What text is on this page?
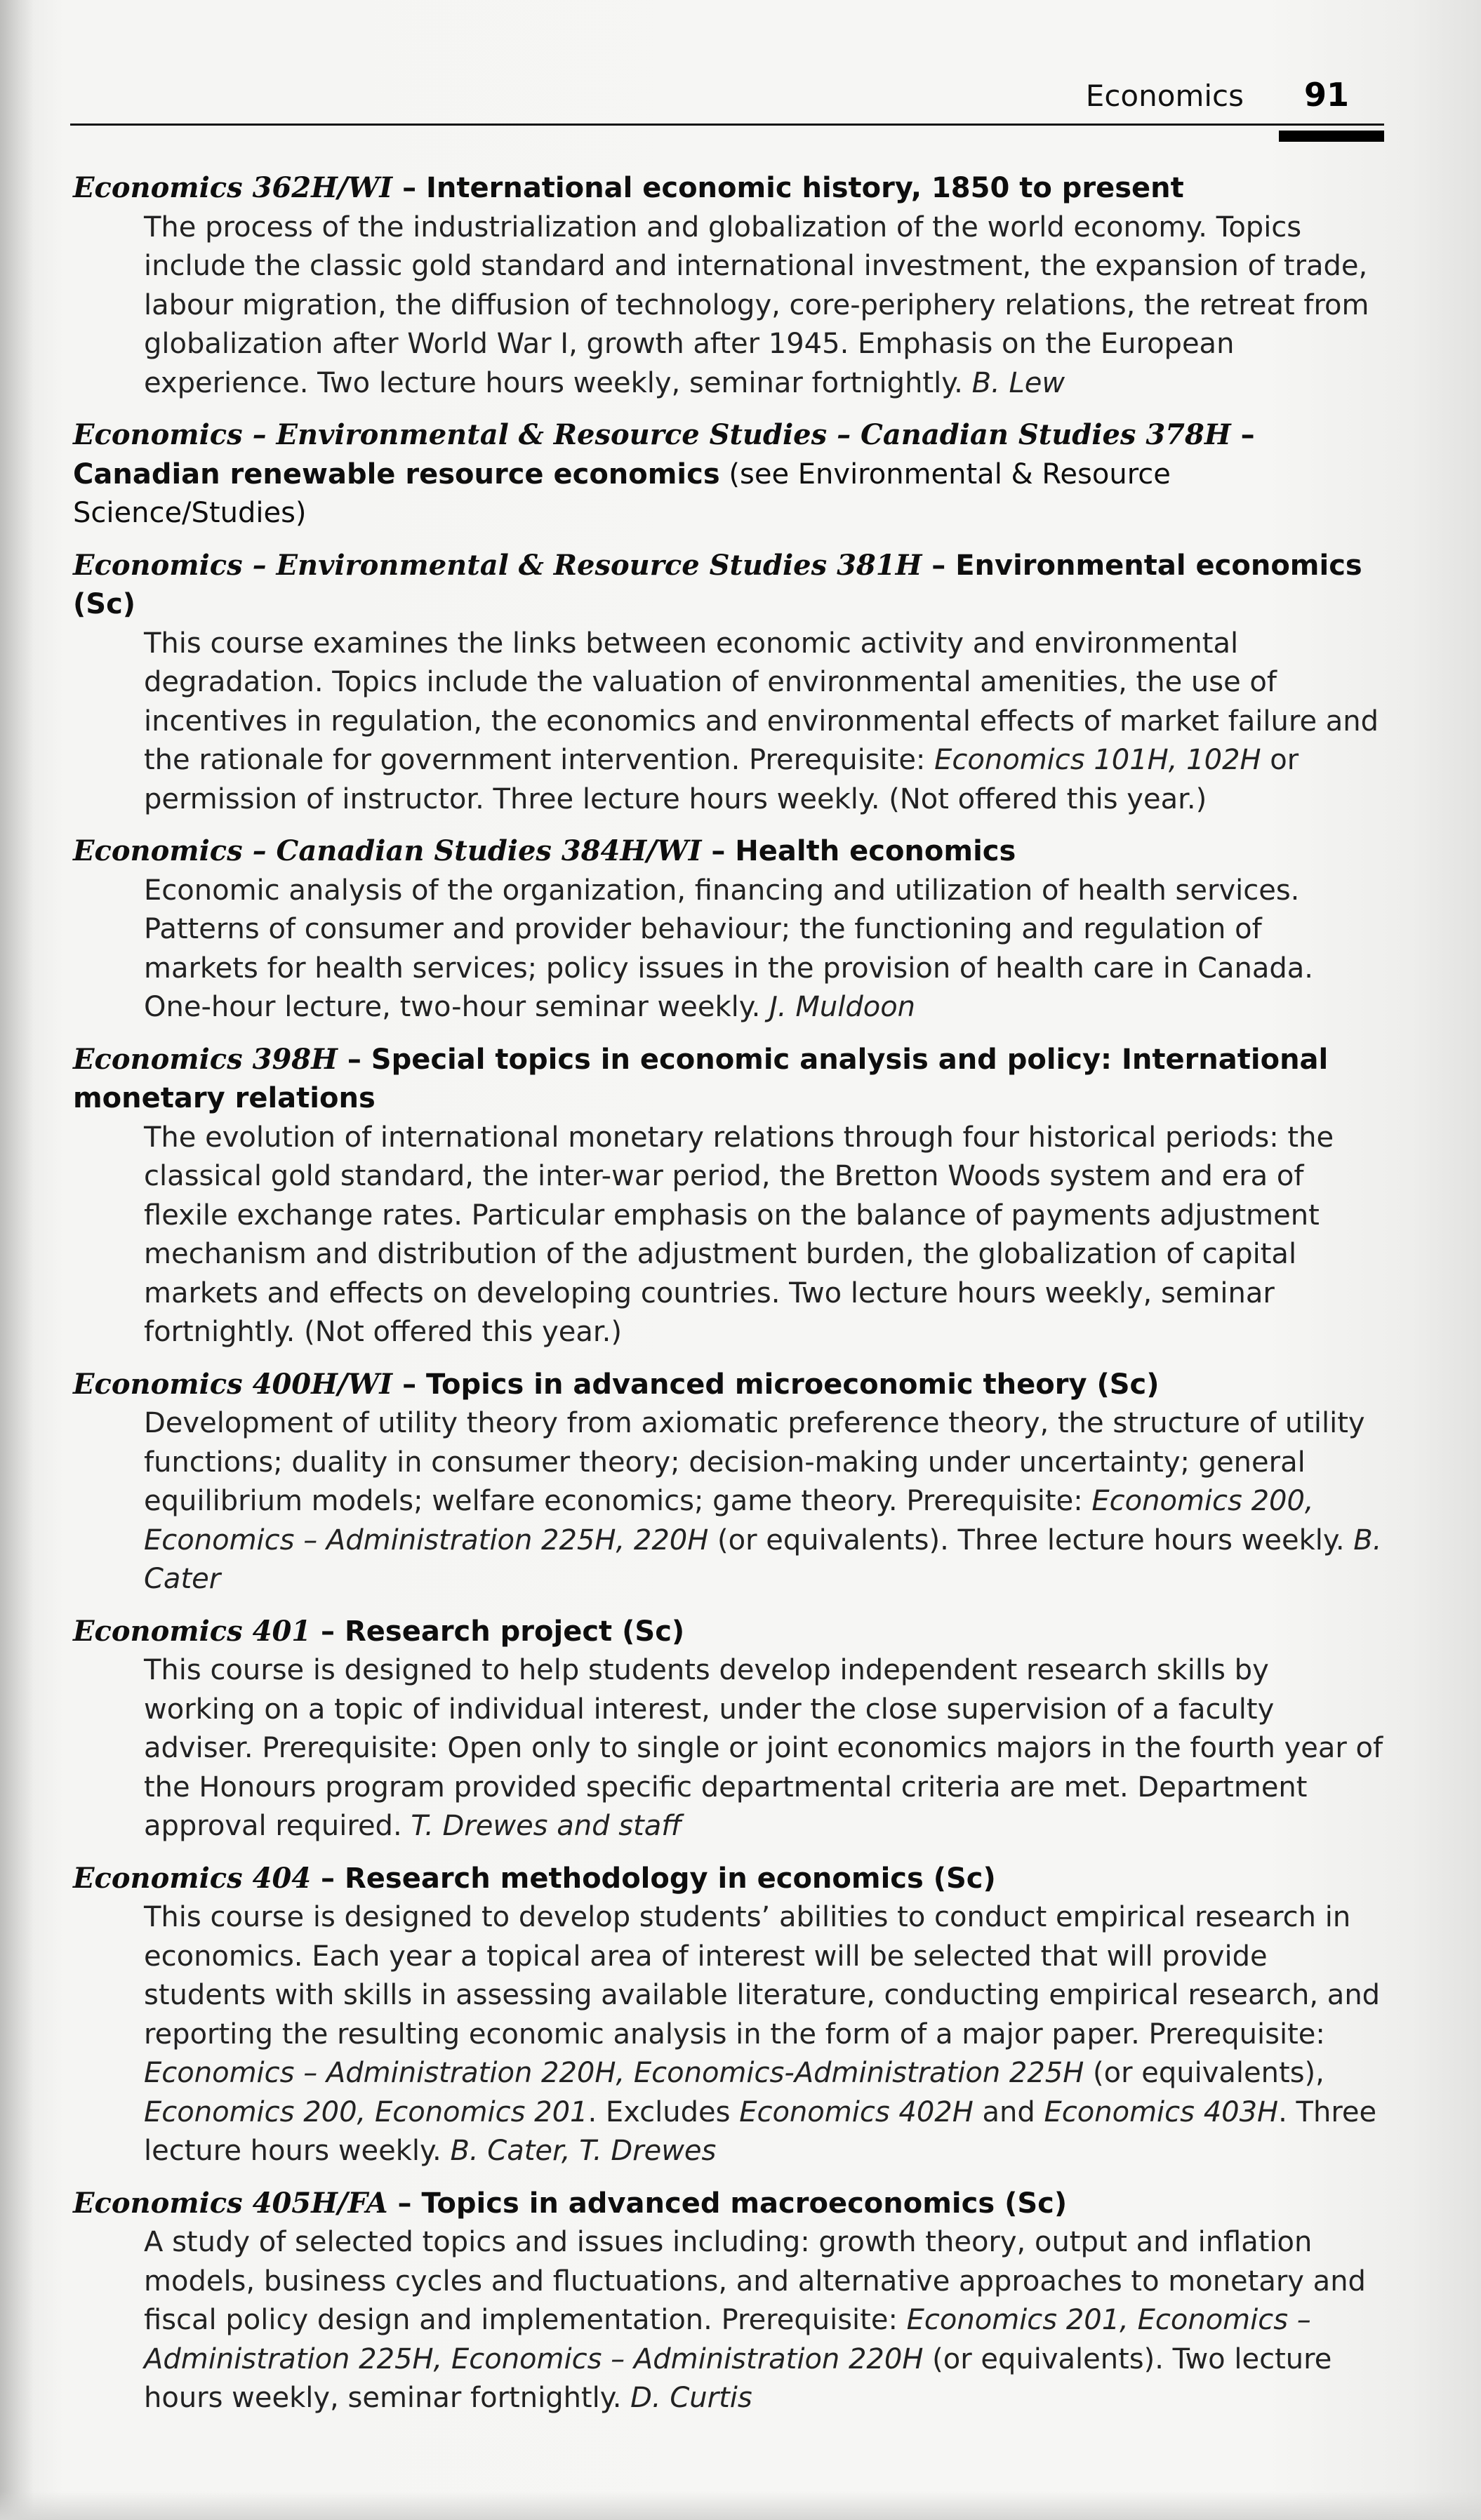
Economics 91
Economics 362H/WI – International economic history, 1850 to present
The process of the industrialization and globalization of the world economy. Topics include the classic gold standard and international investment, the expansion of trade, labour migration, the diffusion of technology, core-periphery relations, the retreat from globalization after World War I, growth after 1945. Emphasis on the European experience. Two lecture hours weekly, seminar fortnightly. B. Lew
Economics – Environmental & Resource Studies – Canadian Studies 378H – Canadian renewable resource economics (see Environmental & Resource Science/Studies)
Economics – Environmental & Resource Studies 381H – Environmental economics (Sc)
This course examines the links between economic activity and environmental degradation. Topics include the valuation of environmental amenities, the use of incentives in regulation, the economics and environmental effects of market failure and the rationale for government intervention. Prerequisite: Economics 101H, 102H or permission of instructor. Three lecture hours weekly. (Not offered this year.)
Economics – Canadian Studies 384H/WI – Health economics
Economic analysis of the organization, financing and utilization of health services. Patterns of consumer and provider behaviour; the functioning and regulation of markets for health services; policy issues in the provision of health care in Canada. One-hour lecture, two-hour seminar weekly. J. Muldoon
Economics 398H – Special topics in economic analysis and policy: International monetary relations
The evolution of international monetary relations through four historical periods: the classical gold standard, the inter-war period, the Bretton Woods system and era of flexile exchange rates. Particular emphasis on the balance of payments adjustment mechanism and distribution of the adjustment burden, the globalization of capital markets and effects on developing countries. Two lecture hours weekly, seminar fortnightly. (Not offered this year.)
Economics 400H/WI – Topics in advanced microeconomic theory (Sc)
Development of utility theory from axiomatic preference theory, the structure of utility functions; duality in consumer theory; decision-making under uncertainty; general equilibrium models; welfare economics; game theory. Prerequisite: Economics 200, Economics – Administration 225H, 220H (or equivalents). Three lecture hours weekly. B. Cater
Economics 401 – Research project (Sc)
This course is designed to help students develop independent research skills by working on a topic of individual interest, under the close supervision of a faculty adviser. Prerequisite: Open only to single or joint economics majors in the fourth year of the Honours program provided specific departmental criteria are met. Department approval required. T. Drewes and staff
Economics 404 – Research methodology in economics (Sc)
This course is designed to develop students’ abilities to conduct empirical research in economics. Each year a topical area of interest will be selected that will provide students with skills in assessing available literature, conducting empirical research, and reporting the resulting economic analysis in the form of a major paper. Prerequisite: Economics – Administration 220H, Economics-Administration 225H (or equivalents), Economics 200, Economics 201. Excludes Economics 402H and Economics 403H. Three lecture hours weekly. B. Cater, T. Drewes
Economics 405H/FA – Topics in advanced macroeconomics (Sc)
A study of selected topics and issues including: growth theory, output and inflation models, business cycles and fluctuations, and alternative approaches to monetary and fiscal policy design and implementation. Prerequisite: Economics 201, Economics – Administration 225H, Economics – Administration 220H (or equivalents). Two lecture hours weekly, seminar fortnightly. D. Curtis
